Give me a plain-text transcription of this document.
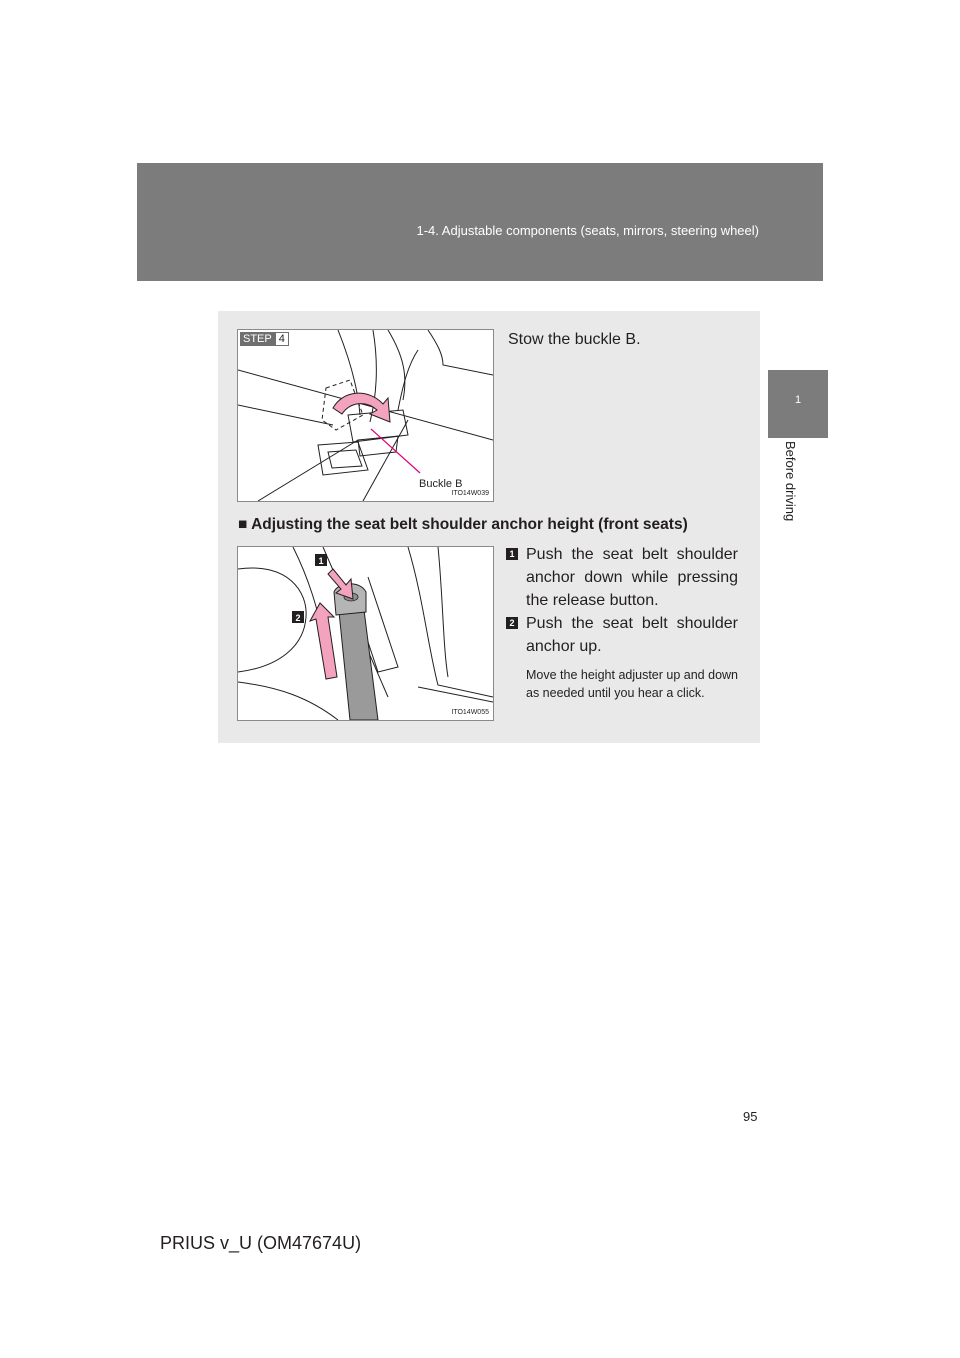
1-4. Adjustable components (seats, mirrors, steering wheel)
1
Before driving
STEP 4
Buckle B
ITO14W039
Stow the buckle B.
■ Adjusting the seat belt shoulder anchor height (front seats)
1
2
ITO14W055
1 Push the seat belt shoulder anchor down while pressing the release button.
2 Push the seat belt shoulder anchor up.
Move the height adjuster up and down as needed until you hear a click.
95
PRIUS v_U (OM47674U)
